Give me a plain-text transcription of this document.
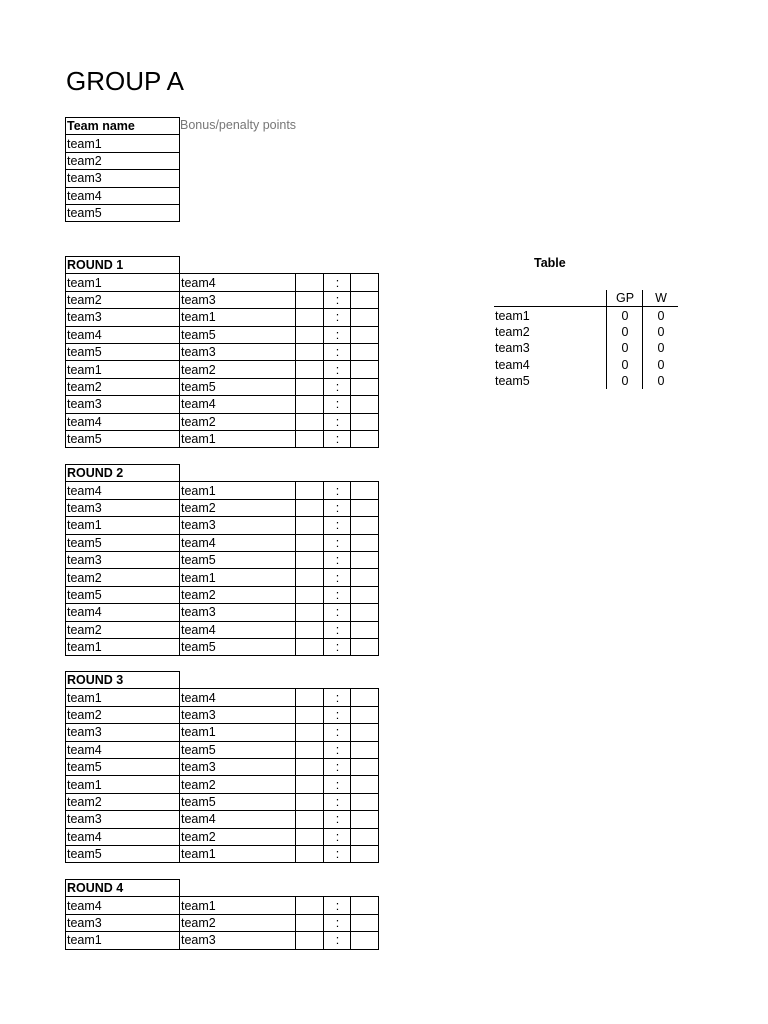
GROUP A
Team name
team1
team2
team3
team4
team5
Bonus/penalty points
ROUND 1				
team1	team4		:	
team2	team3		:	
team3	team1		:	
team4	team5		:	
team5	team3		:	
team1	team2		:	
team2	team5		:	
team3	team4		:	
team4	team2		:	
team5	team1		:	
ROUND 2				
team4	team1		:	
team3	team2		:	
team1	team3		:	
team5	team4		:	
team3	team5		:	
team2	team1		:	
team5	team2		:	
team4	team3		:	
team2	team4		:	
team1	team5		:	
ROUND 3				
team1	team4		:	
team2	team3		:	
team3	team1		:	
team4	team5		:	
team5	team3		:	
team1	team2		:	
team2	team5		:	
team3	team4		:	
team4	team2		:	
team5	team1		:	
ROUND 4				
team4	team1		:	
team3	team2		:	
team1	team3		:	
Table
	GP	W
team1	0	0
team2	0	0
team3	0	0
team4	0	0
team5	0	0
